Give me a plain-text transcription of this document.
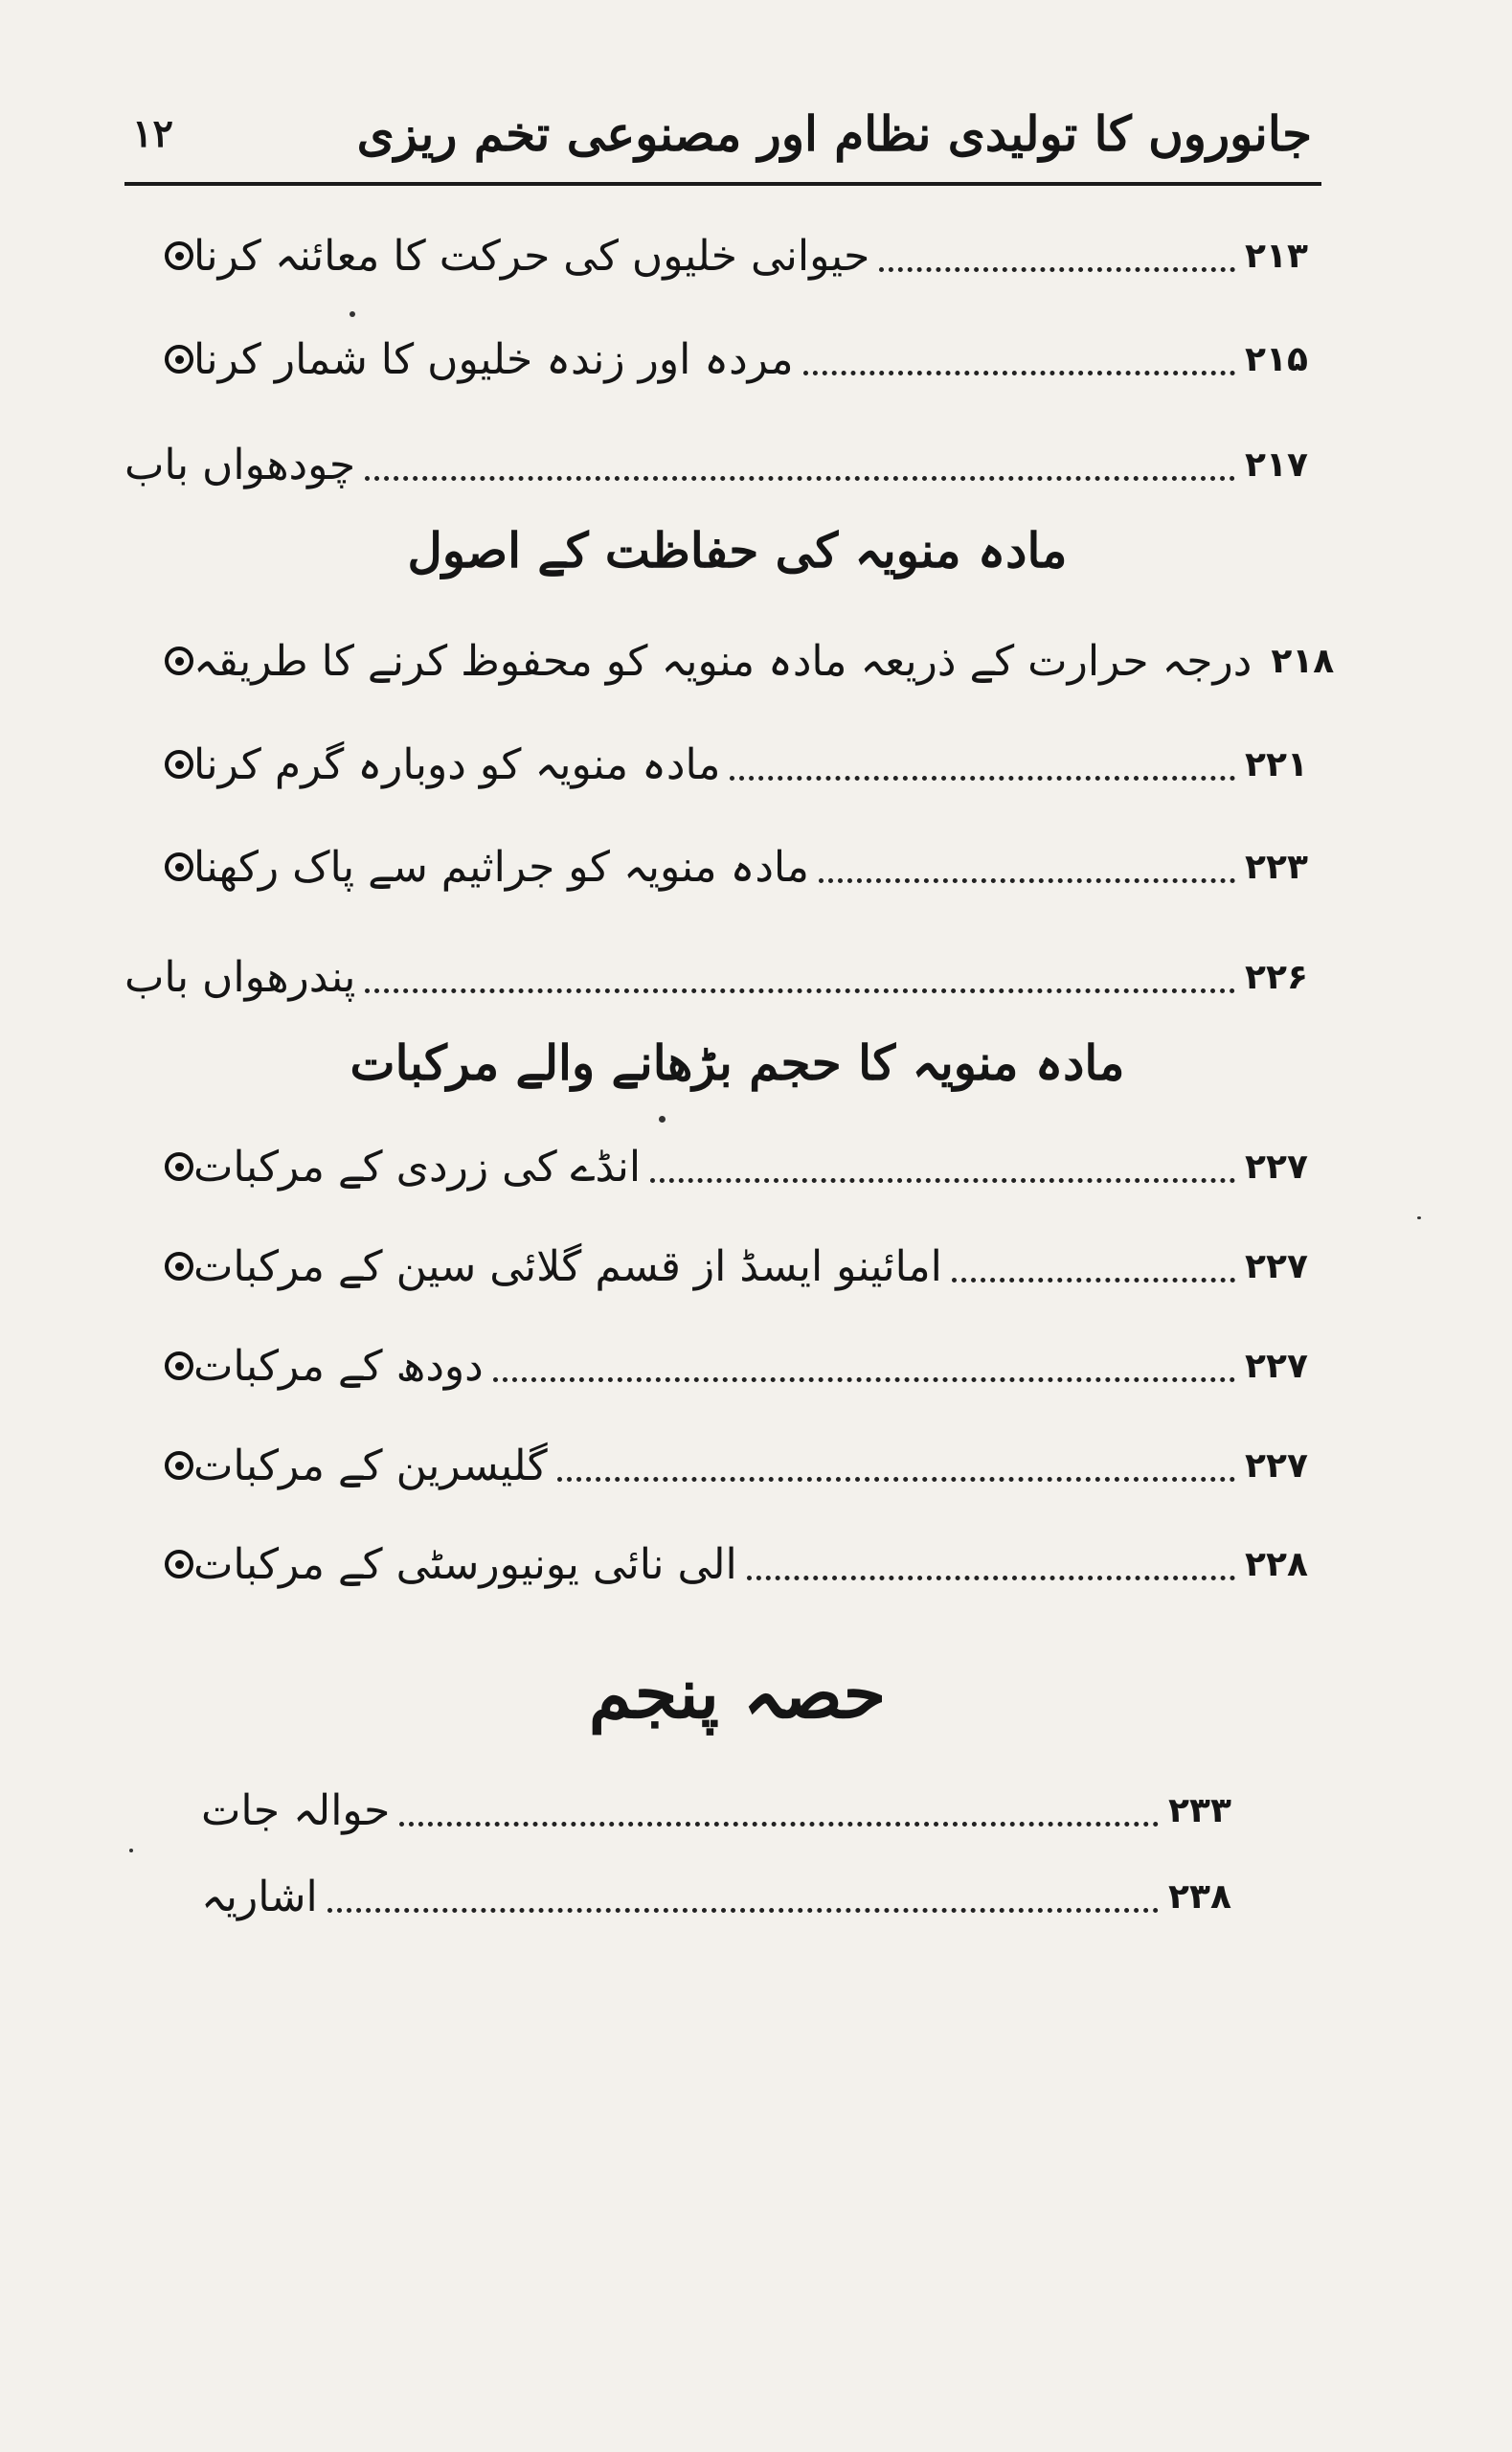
جانوروں کا تولیدی نظام اور مصنوعی تخم ریزی
۱۲
حیوانی خلیوں کی حرکت کا معائنہ کرنا	۲۱۳
مردہ اور زندہ خلیوں کا شمار کرنا	۲۱۵
چودھواں باب	۲۱۷
مادہ منویہ کی حفاظت کے اصول
درجہ حرارت کے ذریعہ مادہ منویہ کو محفوظ کرنے کا طریقہ ۲۱۸
مادہ منویہ کو دوبارہ گرم کرنا	۲۲۱
مادہ منویہ کو جراثیم سے پاک رکھنا	۲۲۳
پندرھواں باب	۲۲۶
مادہ منویہ کا حجم بڑھانے والے مرکبات
انڈے کی زردی کے مرکبات	۲۲۷
امائینو ایسڈ از قسم گلائی سین کے مرکبات	۲۲۷
دودھ کے مرکبات	۲۲۷
گلیسرین کے مرکبات	۲۲۷
الی نائی یونیورسٹی کے مرکبات	۲۲۸
حصہ پنجم
حوالہ جات	۲۳۳
اشاریہ	۲۳۸
